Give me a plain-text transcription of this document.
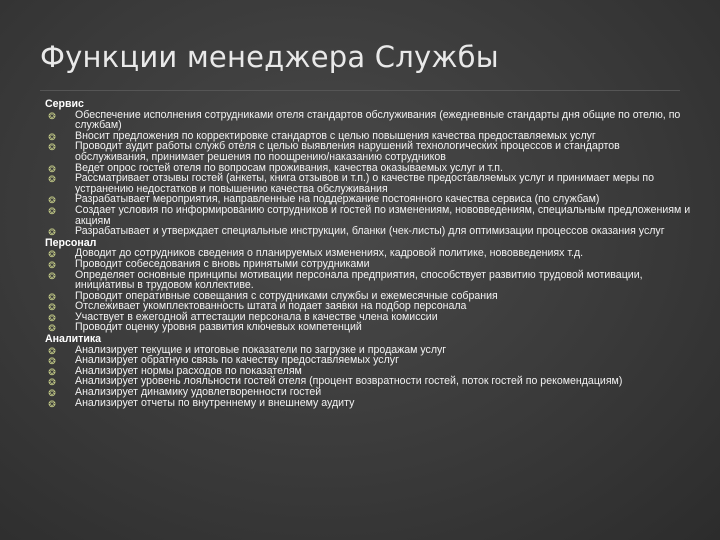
Функции менеджера Службы
Сервис
❂ Обеспечение исполнения сотрудниками отеля стандартов обслуживания (ежедневные стандарты дня общие по отелю, по службам)
❂ Вносит предложения по корректировке стандартов с целью повышения качества предоставляемых услуг
❂ Проводит аудит работы служб отеля с целью выявления нарушений технологических процессов и стандартов обслуживания, принимает решения по поощрению/наказанию сотрудников
❂ Ведет опрос гостей отеля по вопросам проживания, качества оказываемых услуг и т.п.
❂ Рассматривает отзывы гостей (анкеты, книга отзывов и т.п.) о качестве предоставляемых услуг и принимает меры по устранению недостатков и повышению качества обслуживания
❂ Разрабатывает мероприятия, направленные на поддержание постоянного качества сервиса (по службам)
❂ Создает условия по информированию сотрудников и гостей по изменениям, нововведениям, специальным предложениям и акциям
❂ Разрабатывает и утверждает специальные инструкции, бланки (чек-листы) для оптимизации процессов оказания услуг
Персонал
❂ Доводит до сотрудников сведения о планируемых изменениях, кадровой политике, нововведениях т.д.
❂ Проводит собеседования с вновь принятыми сотрудниками
❂ Определяет основные принципы мотивации персонала предприятия, способствует развитию трудовой мотивации, инициативы в трудовом коллективе.
❂ Проводит оперативные совещания с сотрудниками службы и ежемесячные собрания
❂ Отслеживает укомплектованность штата и подает заявки на подбор персонала
❂ Участвует в ежегодной аттестации персонала в качестве члена комиссии
❂ Проводит оценку уровня развития ключевых компетенций
Аналитика
❂ Анализирует текущие и итоговые показатели по загрузке и продажам услуг
❂ Анализирует обратную связь по качеству предоставляемых услуг
❂ Анализирует нормы расходов по показателям
❂ Анализирует уровень лояльности гостей отеля (процент возвратности гостей, поток гостей по рекомендациям)
❂ Анализирует динамику удовлетворенности гостей
❂ Анализирует отчеты по внутреннему и внешнему аудиту
